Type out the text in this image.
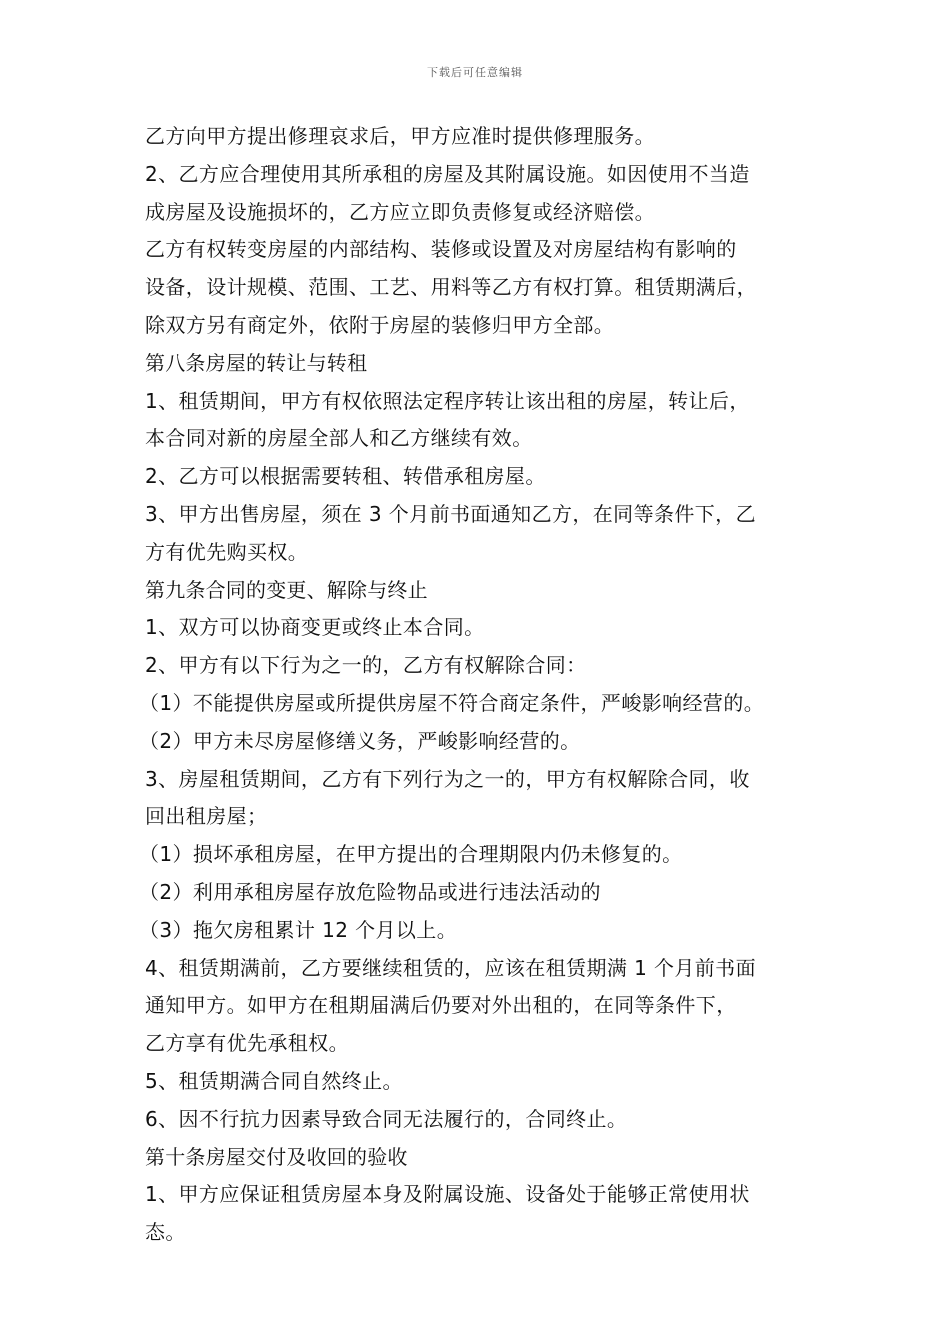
下载后可任意编辑
乙方向甲方提出修理哀求后，甲方应准时提供修理服务。
2、乙方应合理使用其所承租的房屋及其附属设施。如因使用不当造
成房屋及设施损坏的，乙方应立即负责修复或经济赔偿。
乙方有权转变房屋的内部结构、装修或设置及对房屋结构有影响的
设备，设计规模、范围、工艺、用料等乙方有权打算。租赁期满后，
除双方另有商定外，依附于房屋的装修归甲方全部。
第八条房屋的转让与转租
1、租赁期间，甲方有权依照法定程序转让该出租的房屋，转让后，
本合同对新的房屋全部人和乙方继续有效。
2、乙方可以根据需要转租、转借承租房屋。
3、甲方出售房屋，须在 3 个月前书面通知乙方，在同等条件下，乙
方有优先购买权。
第九条合同的变更、解除与终止
1、双方可以协商变更或终止本合同。
2、甲方有以下行为之一的，乙方有权解除合同：
（1）不能提供房屋或所提供房屋不符合商定条件，严峻影响经营的。
（2）甲方未尽房屋修缮义务，严峻影响经营的。
3、房屋租赁期间，乙方有下列行为之一的，甲方有权解除合同，收
回出租房屋；
（1）损坏承租房屋，在甲方提出的合理期限内仍未修复的。
（2）利用承租房屋存放危险物品或进行违法活动的
（3）拖欠房租累计 12 个月以上。
4、租赁期满前，乙方要继续租赁的，应该在租赁期满 1 个月前书面
通知甲方。如甲方在租期届满后仍要对外出租的，在同等条件下，
乙方享有优先承租权。
5、租赁期满合同自然终止。
6、因不行抗力因素导致合同无法履行的，合同终止。
第十条房屋交付及收回的验收
1、甲方应保证租赁房屋本身及附属设施、设备处于能够正常使用状
态。
